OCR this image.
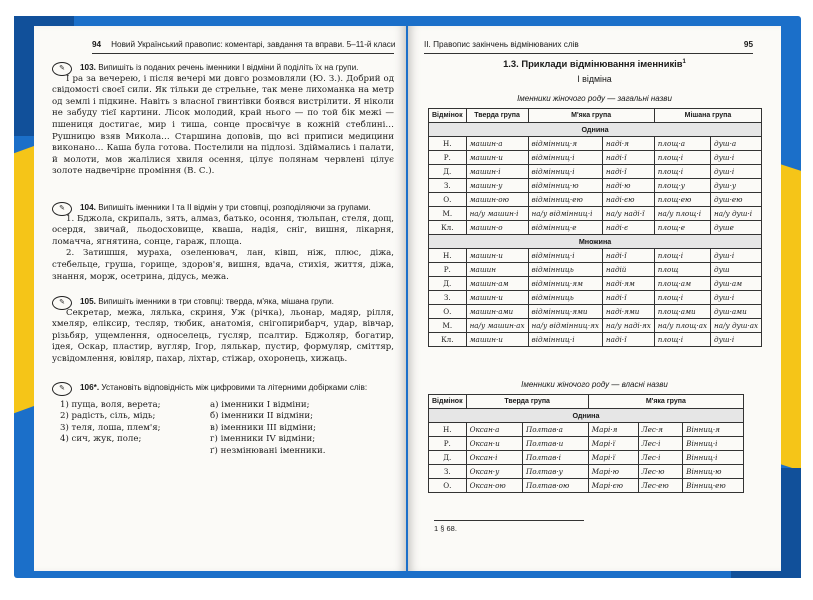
94 Новий Український правопис: коментарі, завдання та вправи. 5–11-й класи
✎	103. Випишіть із поданих речень іменники I відміни й поділіть їх на групи.

І ра за вечерею, і після вечері ми довго розмовляли (Ю. З.). Добрий од свідомості своєї сили. Як тільки де стрельне, так мене лихоманка на метр од землі і підкине. Навіть з власної гвинтівки боявся вистрілити. Я ніколи не забуду тієї картини. Лісок молодий, край нього — по той бік межі — пшениця достигає, мир і тиша, сонце просвічує в кожній стеблині… Рушницю взяв Микола… Старшина доповів, що всі приписи медицини виконано… Каша була готова. Постелили на підлозі. Здіймались і палати, й молоти, мов жалілися хвиля осення, цілує полянам червлені цілує золоте надвечірнє проміння (В. С.).

✎	104. Випишіть іменники I та II відмін у три стовпці, розподіляючи за групами.

1. Бджола, скрипаль, зять, алмаз, батько, осоння, тюльпан, стеля, дощ, осердя, звичай, льодосховище, кваша, надія, сніг, вишня, лікарня, ломачча, ягнятина, сонце, гараж, площа.

2. Затишшя, мураха, озеленювач, лан, ківш, ніж, плюс, діжа, стебельце, груша, горище, здоров'я, вишня, вдача, стихія, життя, діжа, знання, морж, осетрина, дідусь, межа.

✎	105. Випишіть іменники в три стовпці: тверда, м'яка, мішана групи.

Секретар, межа, лялька, скриня, Уж (річка), льонар, мадяр, рілля, хмеляр, еліксир, тесляр, тюбик, анатомія, снігопирибарч, удар, вівчар, різьбяр, ущемлення, односелець, гусляр, псалтир. Бджоляр, богатир, ідея, Оскар, пластир, вугляр, Ігор, лялькар, пустир, формуляр, сміттяр, усвідомлення, ювіляр, пахар, ліхтар, стіжар, охоронець, хижаць.

✎	106*. Установіть відповідність між цифровими та літерними добірками слів:
1) пуща, воля, верета;
2) радість, сіль, мідь;
3) теля, лоша, плем'я;
4) сич, жук, поле;
а) іменники I відміни;
б) іменники II відміни;
в) іменники III відміни;
г) іменники IV відміни;
ґ) незмінювані іменники.
II. Правопис закінчень відмінюваних слів	95
1.3. Приклади відмінювання іменників$^1$
I відміна
Іменники жіночого роду — загальні назви
Відмінок	Тверда група	М'яка група		Мішана група	
Однина					
Н.	машин·а	відмінниц·я	надi·я	площ·а	душ·а
Р.	машин·и	відмінниц·і	надi·ї	площ·і	душ·і
Д.	машин·і	відмінниц·і	надi·ї	площ·і	душ·і
З.	машин·у	відмінниц·ю	надi·ю	площ·у	душ·у
О.	машин·ою	відмінниц·ею	надi·єю	площ·ею	душ·ею
М.	на/у машин·і	на/у відмінниц·і	на/у надi·ї	на/у площ·і	на/у душ·і
Кл.	машин·о	відмінниц·е	надi·є	площ·е	душе
Множина					
Н.	машин·и	відмінниц·і	надi·ї	площ·і	душ·і
Р.	машин	відмінниць	надiй	площ	душ
Д.	машин·ам	відмінниц·ям	надi·ям	площ·ам	душ·ам
З.	машин·и	відмінниць	надi·ї	площ·і	душ·і
О.	машин·ами	відмінниц·ями	надi·ями	площ·ами	душ·ами
М.	на/у машин·ах	на/у відмінниц·ях	на/у надi·ях	на/у площ·ах	на/у душ·ах
Кл.	машин·и	відмінниц·і	надi·ї	площ·і	душ·і
Іменники жіночого роду — власні назви
Відмінок	Тверда група		М'яка група		
Однина					
Н.	Оксан·а	Полтав·а	Марі·я	Лес·я	Вінниц·я
Р.	Оксан·и	Полтав·и	Марі·ї	Лес·і	Вінниц·і
Д.	Оксан·і	Полтав·і	Марі·ї	Лес·і	Вінниц·і
З.	Оксан·у	Полтав·у	Марі·ю	Лес·ю	Вінниц·ю
О.	Оксан·ою	Полтав·ою	Марі·єю	Лес·ею	Вінниц·ею
1 § 68.
